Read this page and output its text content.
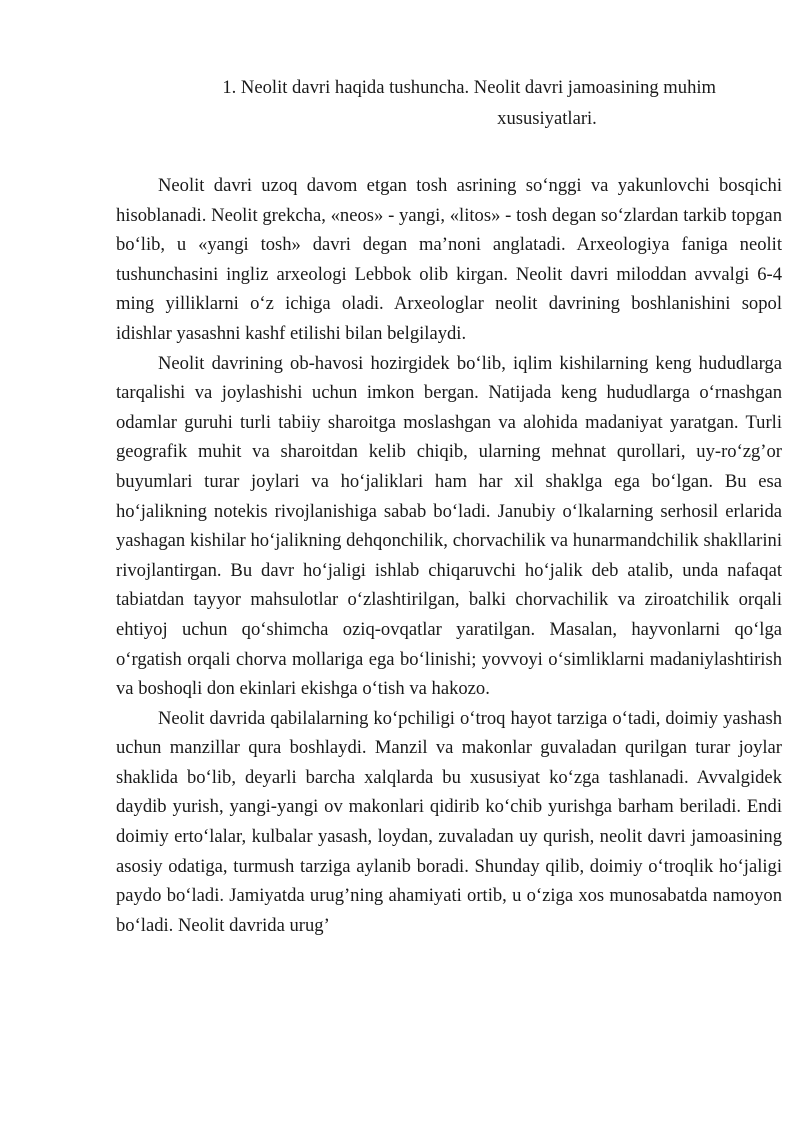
1. Neolit davri haqida tushuncha. Neolit davri jamoasining muhim
xususiyatlari.

Neolit davri uzoq davom etgan tosh asrining so‘nggi va yakunlovchi bosqichi hisoblanadi. Neolit grekcha, «neos» - yangi, «litos» - tosh degan so‘zlardan tarkib topgan bo‘lib, u «yangi tosh» davri degan ma’noni anglatadi. Arxeologiya faniga neolit tushunchasini ingliz arxeologi Lebbok olib kirgan. Neolit davri miloddan avvalgi 6-4 ming yilliklarni o‘z ichiga oladi. Arxeologlar neolit davrining boshlanishini sopol idishlar yasashni kashf etilishi bilan belgilaydi.

Neolit davrining ob-havosi hozirgidek bo‘lib, iqlim kishilarning keng hududlarga tarqalishi va joylashishi uchun imkon bergan. Natijada keng hududlarga o‘rnashgan odamlar guruhi turli tabiiy sharoitga moslashgan va alohida madaniyat yaratgan. Turli geografik muhit va sharoitdan kelib chiqib, ularning mehnat qurollari, uy-ro‘zg’or buyumlari turar joylari va ho‘jaliklari ham har xil shaklga ega bo‘lgan. Bu esa ho‘jalikning notekis rivojlanishiga sabab bo‘ladi. Janubiy o‘lkalarning serhosil erlarida yashagan kishilar ho‘jalikning dehqonchilik, chorvachilik va hunarmandchilik shakllarini rivojlantirgan. Bu davr ho‘jaligi ishlab chiqaruvchi ho‘jalik deb atalib, unda nafaqat tabiatdan tayyor mahsulotlar o‘zlashtirilgan, balki chorvachilik va ziroatchilik orqali ehtiyoj uchun qo‘shimcha oziq-ovqatlar yaratilgan. Masalan, hayvonlarni qo‘lga o‘rgatish orqali chorva mollariga ega bo‘linishi; yovvoyi o‘simliklarni madaniylashtirish va boshoqli don ekinlari ekishga o‘tish va hakozo.

Neolit davrida qabilalarning ko‘pchiligi o‘troq hayot tarziga o‘tadi, doimiy yashash uchun manzillar qura boshlaydi. Manzil va makonlar guvaladan qurilgan turar joylar shaklida bo‘lib, deyarli barcha xalqlarda bu xususiyat ko‘zga tashlanadi. Avvalgidek daydib yurish, yangi-yangi ov makonlari qidirib ko‘chib yurishga barham beriladi. Endi doimiy erto‘lalar, kulbalar yasash, loydan, zuvaladan uy qurish, neolit davri jamoasining asosiy odatiga, turmush tarziga aylanib boradi. Shunday qilib, doimiy o‘troqlik ho‘jaligi paydo bo‘ladi. Jamiyatda urug’ning ahamiyati ortib, u o‘ziga xos munosabatda namoyon bo‘ladi. Neolit davrida urug’
